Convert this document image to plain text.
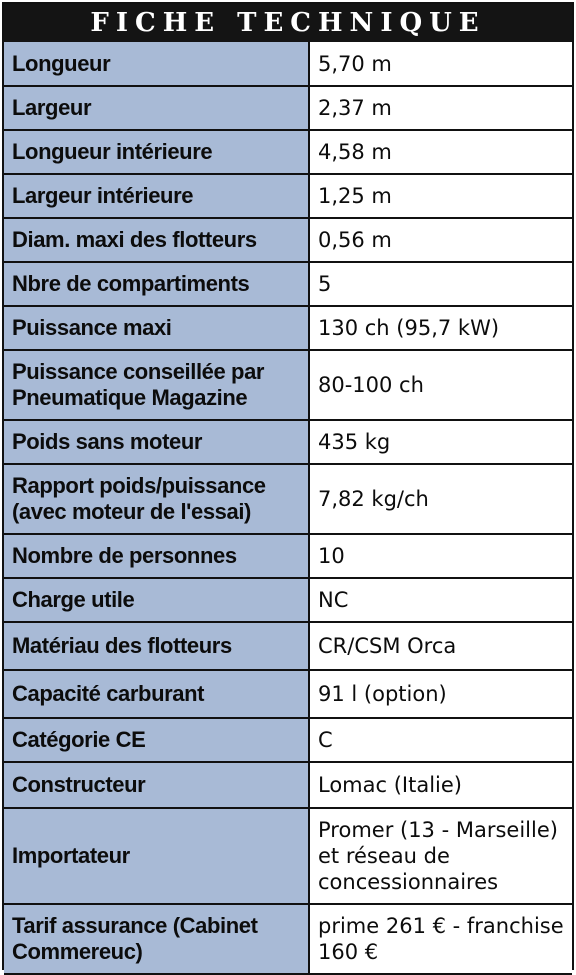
FICHE TECHNIQUE
Longueur	5,70 m
Largeur	2,37 m
Longueur intérieure	4,58 m
Largeur intérieure	1,25 m
Diam. maxi des flotteurs	0,56 m
Nbre de compartiments	5
Puissance maxi	130 ch (95,7 kW)
Puissance conseillée par Pneumatique Magazine	80-100 ch
Poids sans moteur	435 kg
Rapport poids/puissance (avec moteur de l'essai)	7,82 kg/ch
Nombre de personnes	10
Charge utile	NC
Matériau des flotteurs	CR/CSM Orca
Capacité carburant	91 l (option)
Catégorie CE	C
Constructeur	Lomac (Italie)
Importateur	Promer (13 - Marseille) et réseau de concessionnaires
Tarif assurance (Cabinet Commereuc)	prime 261 € - franchise 160 €
